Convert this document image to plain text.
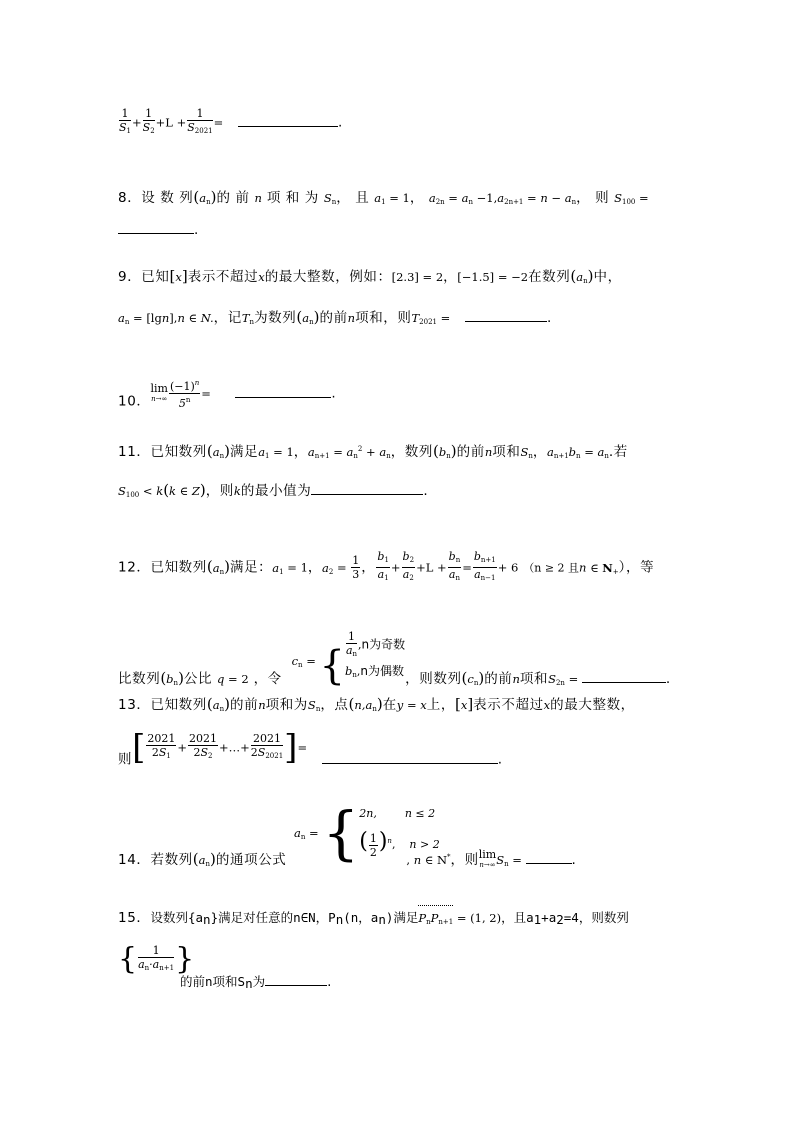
$\frac{1}{S_1} + \frac{1}{S_2} +L + \frac{1}{S_{2021}}$ =	.
8．设 数 列$(a_n)$的 前 n 项 和 为 $S_n$， 且 $a_1 = 1$， $a_{2n} = a_n -1,a_{2n+1} = n - a_n$， 则 $S_{100}$ =
.
9．已知[x]表示不超过x的最大整数，例如：[2.3] = 2，[−1.5] = −2在数列$(a_n)$中，
$a_n = [\lg n],n$ ∈ N.，记$T_n$为数列$(a_n)$的前n项和，则$T_{2021}$ =	.
10．
lim
$n\to\infty \frac{(-1)^n}{5^n}$ =	.
11．已知数列$(a_n)$满足$a_1 = 1$，$a_{n+1} = a_n^2 + a_n$，数列$(b_n)$的前n项和$S_n$，$a_{n+1}b_n = a_n$.若
$S_{100} < k(k$ ∈ Z)，则k的最小值为	.
12．已知数列$(a_n)$满足：$a_1 = 1$，$a_2 = \frac{1}{3}$ ， $\frac{b_1}{a_1} + \frac{b_2}{a_2} +L + \frac{b_n}{a_n} = \frac{b_{n+1}}{a_{n-1}} + 6$ （n ≥ 2 且n ∈ $N_+$），等
比数列$(b_n)$公比 q = 2 ，令  $c_n$ = { $\frac{1}{a_n} ,n$为奇数
$b_n,n$为偶数 ，则数列$(c_n)$的前n项和$S_{2n}$ =	.
13．已知数列$(a_n)$的前n项和为$S_n$，点$(n,a_n)$在y = x上，[x]表示不超过x的最大整数，
则[ $\frac{2021}{2S_1} + \frac{2021}{2S_2}$ +…+ $\frac{2021}{2S_{2021}}$ ]=   .
$a_n$ = { 2n,	n ≤ 2
( $\frac{1}{2} )^n$,    n > 2
14．若数列$(a_n)$的通项公式	, n ∈ N*，则 lim
n→∞ $S_n$ =	.
15．设数列{an}满足对任意的n∈N，Pn(n，an)满足$P_nP_{n+1} = (1$, 2)，且a1+a2=4，则数列
{ $\frac{1}{a_n\cdot a_{n+1}}$ }
的前n项和Sn为	.
